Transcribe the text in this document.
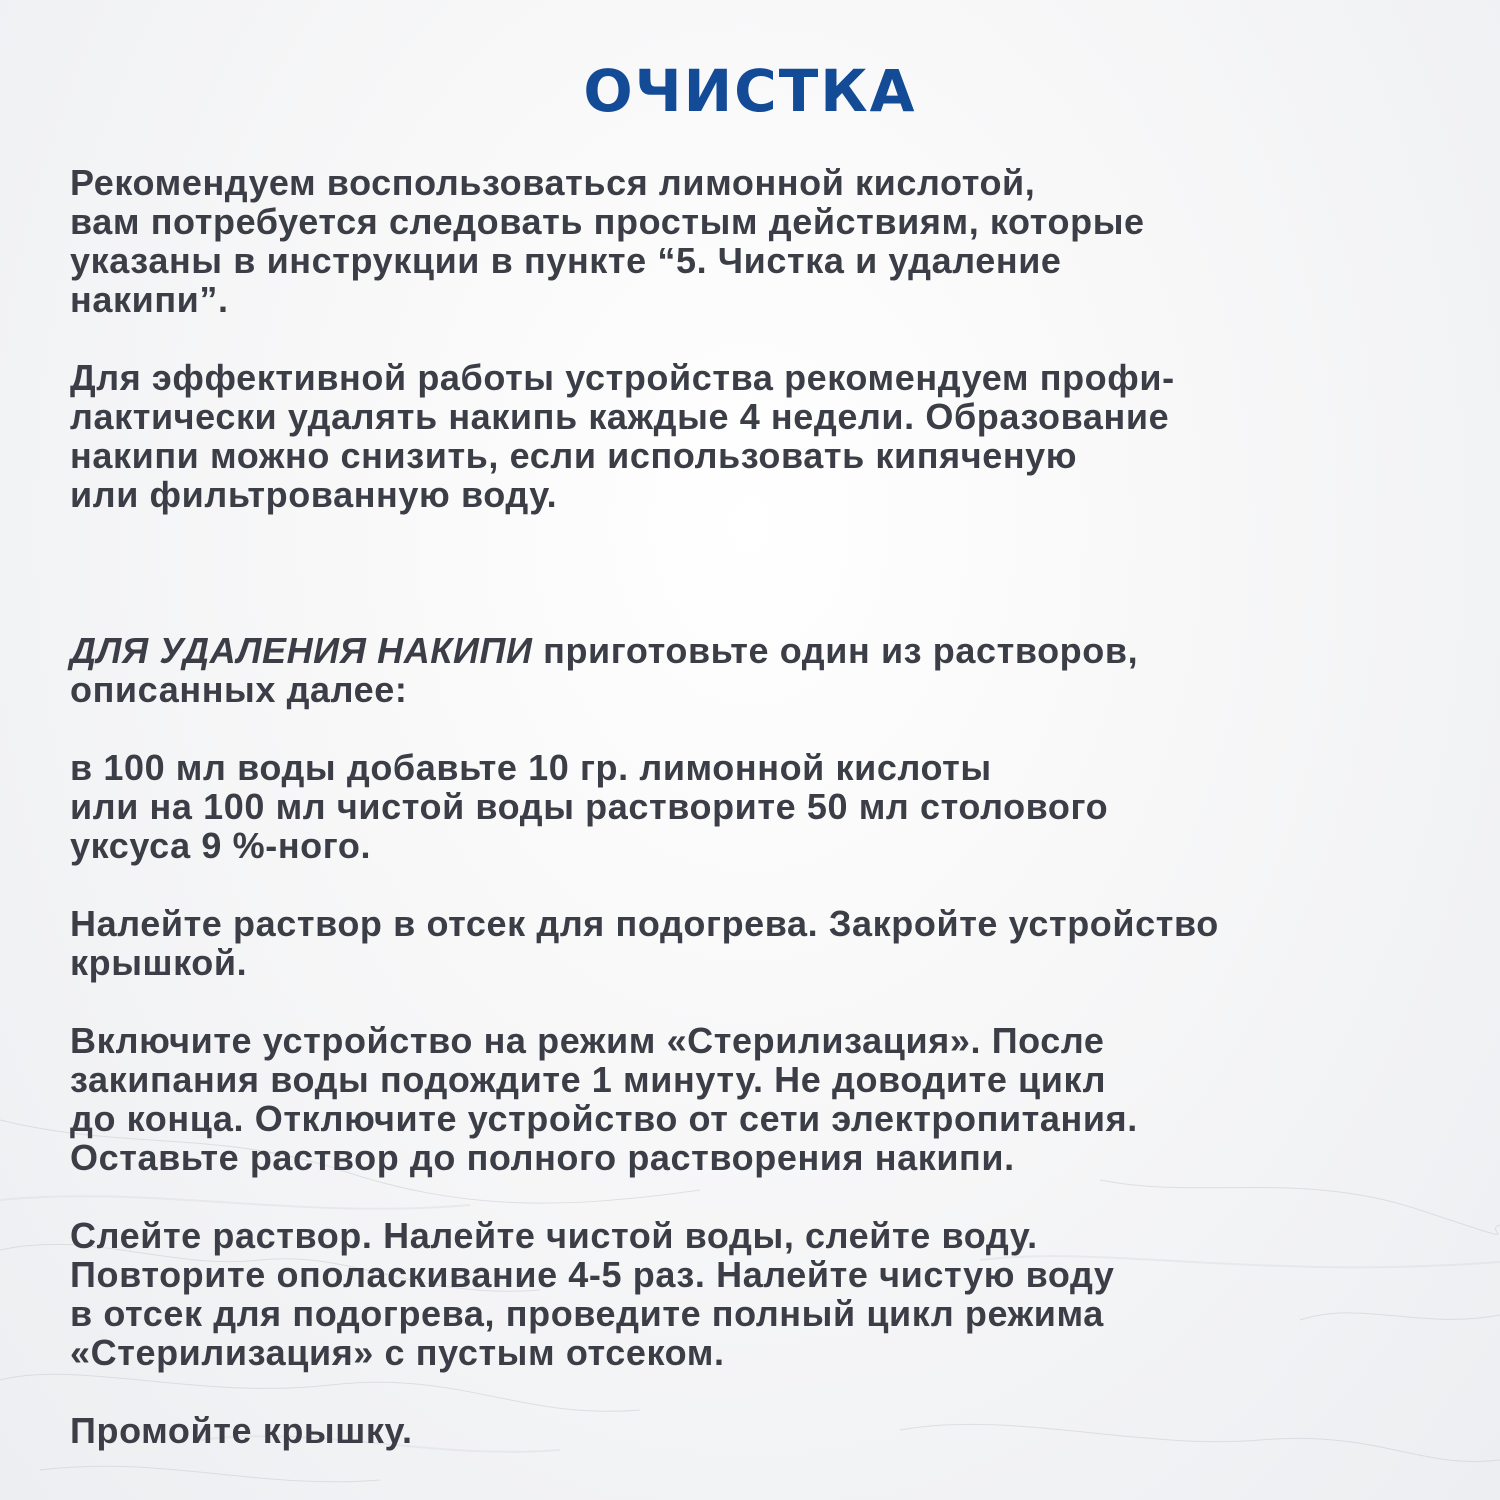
ОЧИСТКА

Рекомендуем воспользоваться лимонной кислотой,
вам потребуется следовать простым действиям, которые
указаны в инструкции в пункте “5. Чистка и удаление
накипи”.

Для эффективной работы устройства рекомендуем профи-
лактически удалять накипь каждые 4 недели. Образование
накипи можно снизить, если использовать кипяченую
или фильтрованную воду.

ДЛЯ УДАЛЕНИЯ НАКИПИ приготовьте один из растворов,
описанных далее:

в 100 мл воды добавьте 10 гр. лимонной кислоты
или на 100 мл чистой воды растворите 50 мл столового
уксуса 9 %-ного.

Налейте раствор в отсек для подогрева. Закройте устройство
крышкой.

Включите устройство на режим «Стерилизация». После
закипания воды подождите 1 минуту. Не доводите цикл
до конца. Отключите устройство от сети электропитания.
Оставьте раствор до полного растворения накипи.

Слейте раствор. Налейте чистой воды, слейте воду.
Повторите ополаскивание 4-5 раз. Налейте чистую воду
в отсек для подогрева, проведите полный цикл режима
«Стерилизация» с пустым отсеком.

Промойте крышку.
